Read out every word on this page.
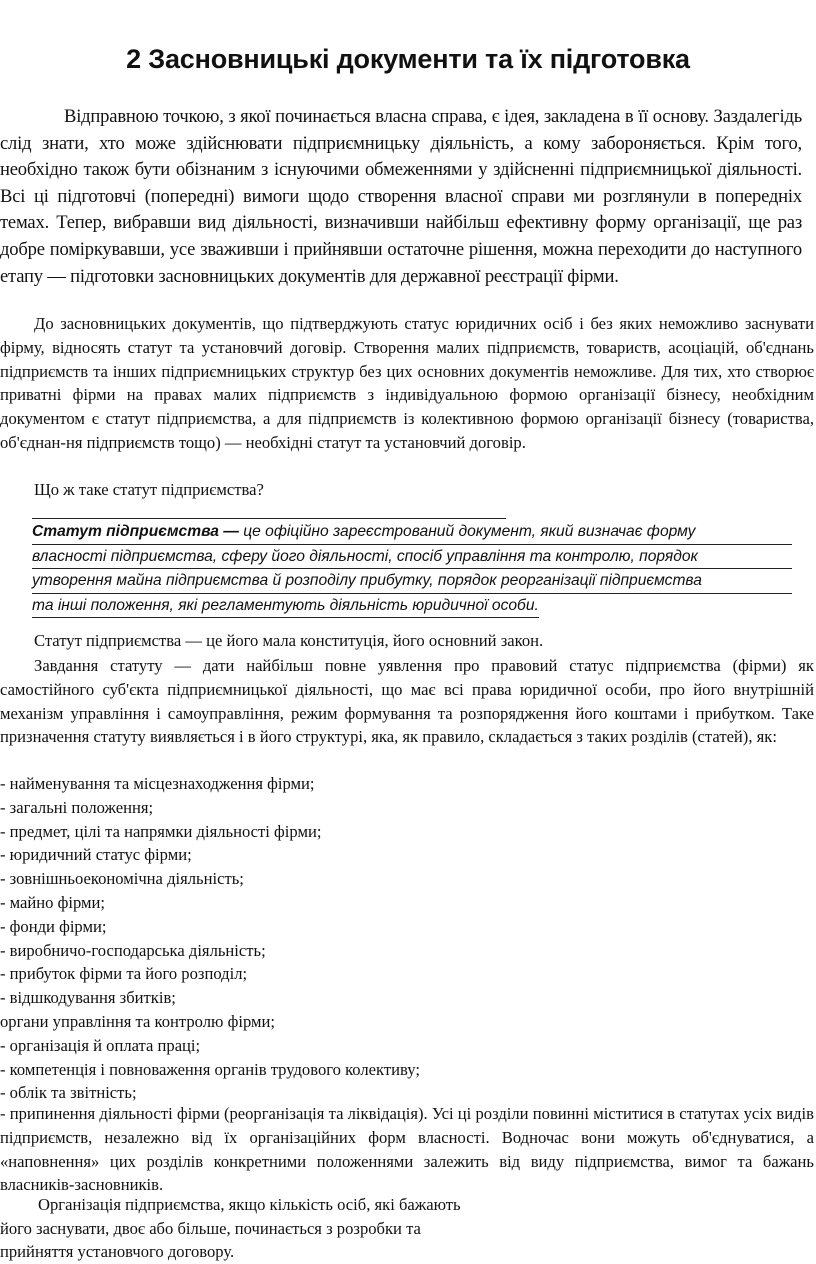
2 Засновницькі документи та їх підготовка

Відправною точкою, з якої починається власна справа, є ідея, закладена в її основу. Заздалегідь слід знати, хто може здійснювати підприємницьку діяльність, а кому забороняється. Крім того, необхідно також бути обізнаним з існуючими обмеженнями у здійсненні підприємницької діяльності. Всі ці підготовчі (попередні) вимоги щодо створення власної справи ми розглянули в попередніх темах. Тепер, вибравши вид діяльності, визначивши найбільш ефективну форму організації, ще раз добре поміркувавши, усе зваживши і прийнявши остаточне рішення, можна переходити до наступного етапу — підготовки засновницьких документів для державної реєстрації фірми.

До засновницьких документів, що підтверджують статус юридичних осіб і без яких неможливо заснувати фірму, відносять статут та установчий договір. Створення малих підприємств, товариств, асоціацій, об'єднань підприємств та інших підприємницьких структур без цих основних документів неможливе. Для тих, хто створює приватні фірми на правах малих підприємств з індивідуальною формою організації бізнесу, необхідним документом є статут підприємства, а для підприємств із колективною формою організації бізнесу (товариства, об'єднан-ня підприємств тощо) — необхідні статут та установчий договір.

Що ж таке статут підприємства?

Статут підприємства — це офіційно зареєстрований документ, який визначає форму
власності підприємства, сферу його діяльності, спосіб управління та контролю, порядок
утворення майна підприємства й розподілу прибутку, порядок реорганізації підприємства
та інші положення, які регламентують діяльність юридичної особи.

Статут підприємства — це його мала конституція, його основний закон.

Завдання статуту — дати найбільш повне уявлення про правовий статус підприємства (фірми) як самостійного суб'єкта підприємницької діяльності, що має всі права юридичної особи, про його внутрішній механізм управління і самоуправління, режим формування та розпорядження його коштами і прибутком. Таке призначення статуту виявляється і в його структурі, яка, як правило, складається з таких розділів (статей), як:

- найменування та місцезнаходження фірми;
- загальні положення;
- предмет, цілі та напрямки діяльності фірми;
- юридичний статус фірми;
- зовнішньоекономічна діяльність;
- майно фірми;
- фонди фірми;
- виробничо-господарська діяльність;
- прибуток фірми та його розподіл;
- відшкодування збитків;
органи управління та контролю фірми;
- організація й оплата праці;
- компетенція і повноваження органів трудового колективу;
- облік та звітність;

- припинення діяльності фірми (реорганізація та ліквідація). Усі ці розділи повинні міститися в статутах усіх видів підприємств, незалежно від їх організаційних форм власності. Водночас вони можуть об'єднуватися, а «наповнення» цих розділів конкретними положеннями залежить від виду підприємства, вимог та бажань власників-засновників.

Організація підприємства, якщо кількість осіб, які бажають
його заснувати, двоє або більше, починається з розробки та
прийняття установчого договору.
